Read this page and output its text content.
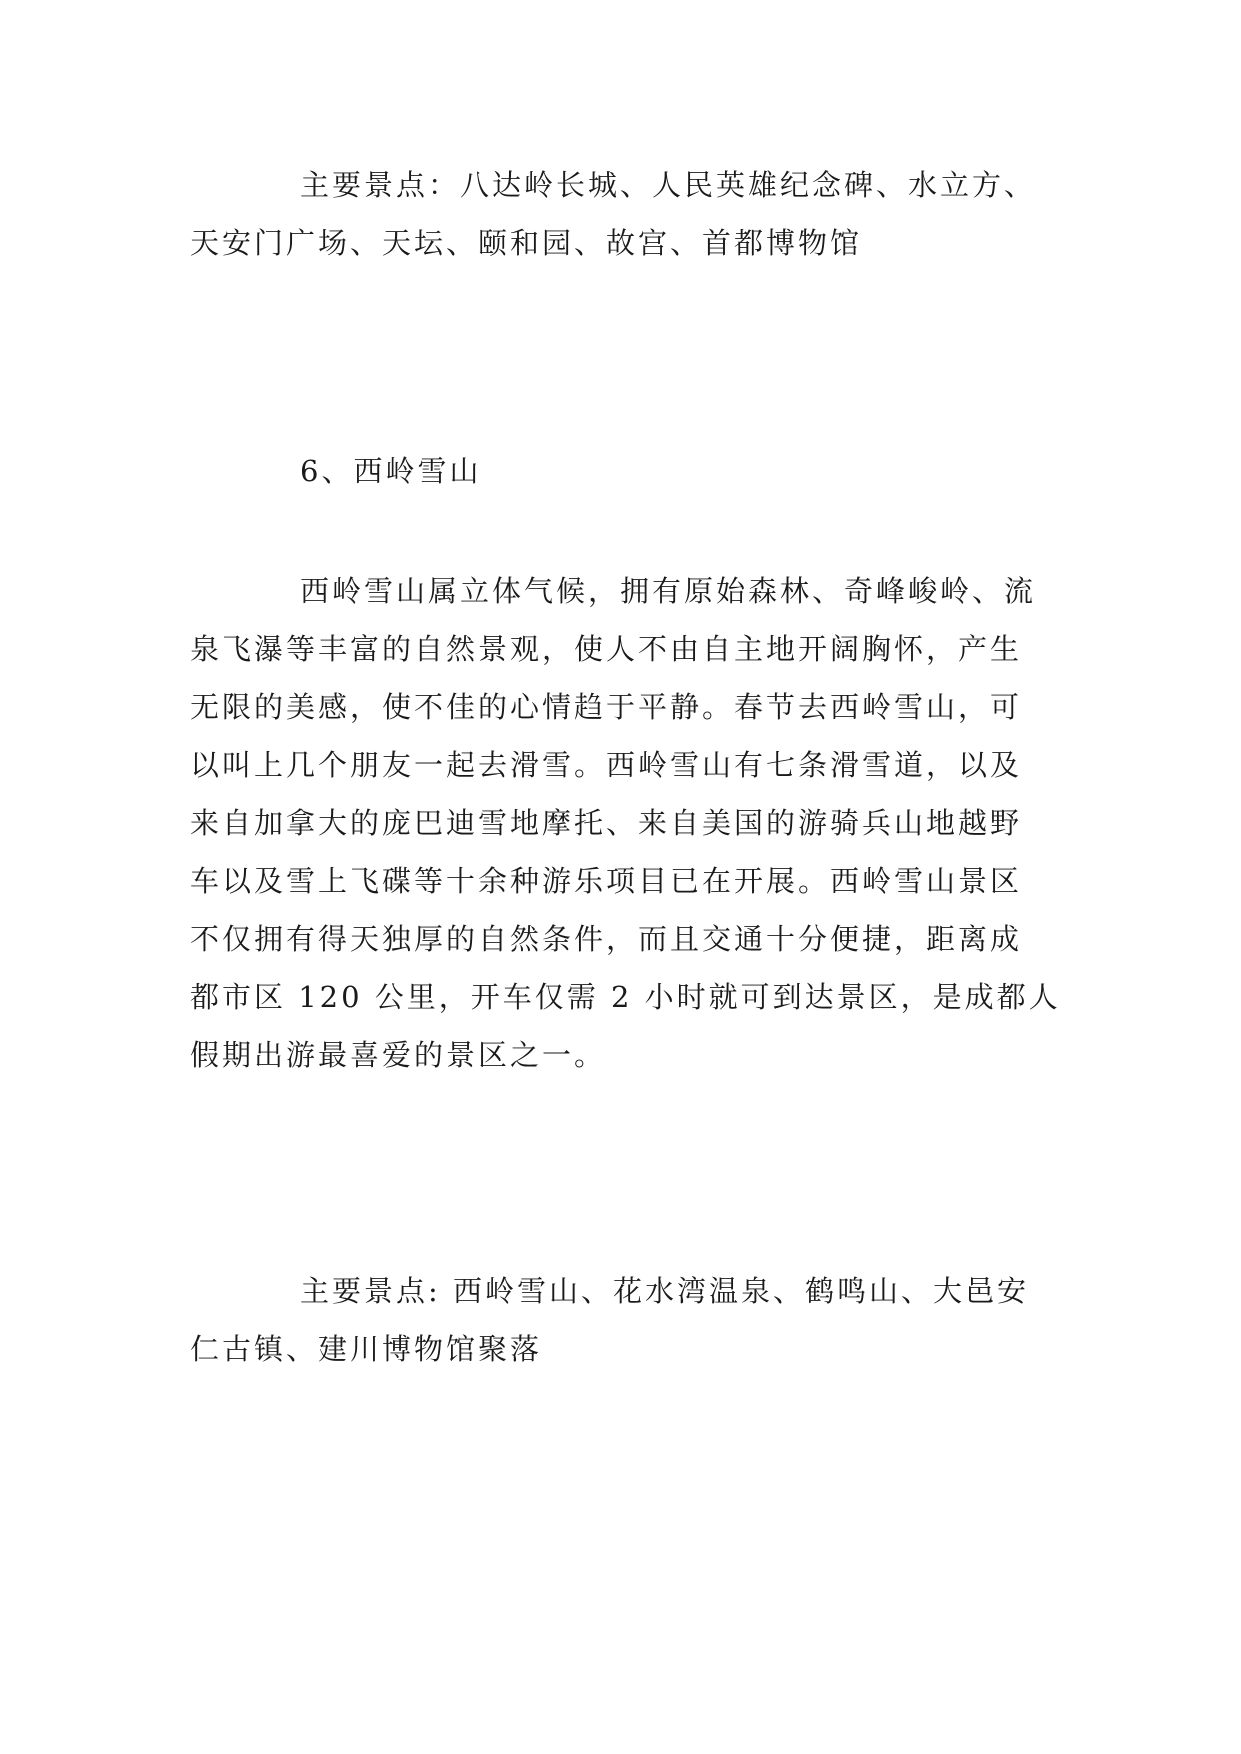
主要景点：八达岭长城、人民英雄纪念碑、水立方、
天安门广场、天坛、颐和园、故宫、首都博物馆
6、西岭雪山
西岭雪山属立体气候，拥有原始森林、奇峰峻岭、流
泉飞瀑等丰富的自然景观，使人不由自主地开阔胸怀，产生
无限的美感，使不佳的心情趋于平静。春节去西岭雪山，可
以叫上几个朋友一起去滑雪。西岭雪山有七条滑雪道，以及
来自加拿大的庞巴迪雪地摩托、来自美国的游骑兵山地越野
车以及雪上飞碟等十余种游乐项目已在开展。西岭雪山景区
不仅拥有得天独厚的自然条件，而且交通十分便捷，距离成
都市区 120 公里，开车仅需 2 小时就可到达景区，是成都人
假期出游最喜爱的景区之一。
主要景点: 西岭雪山、花水湾温泉、鹤鸣山、大邑安
仁古镇、建川博物馆聚落
